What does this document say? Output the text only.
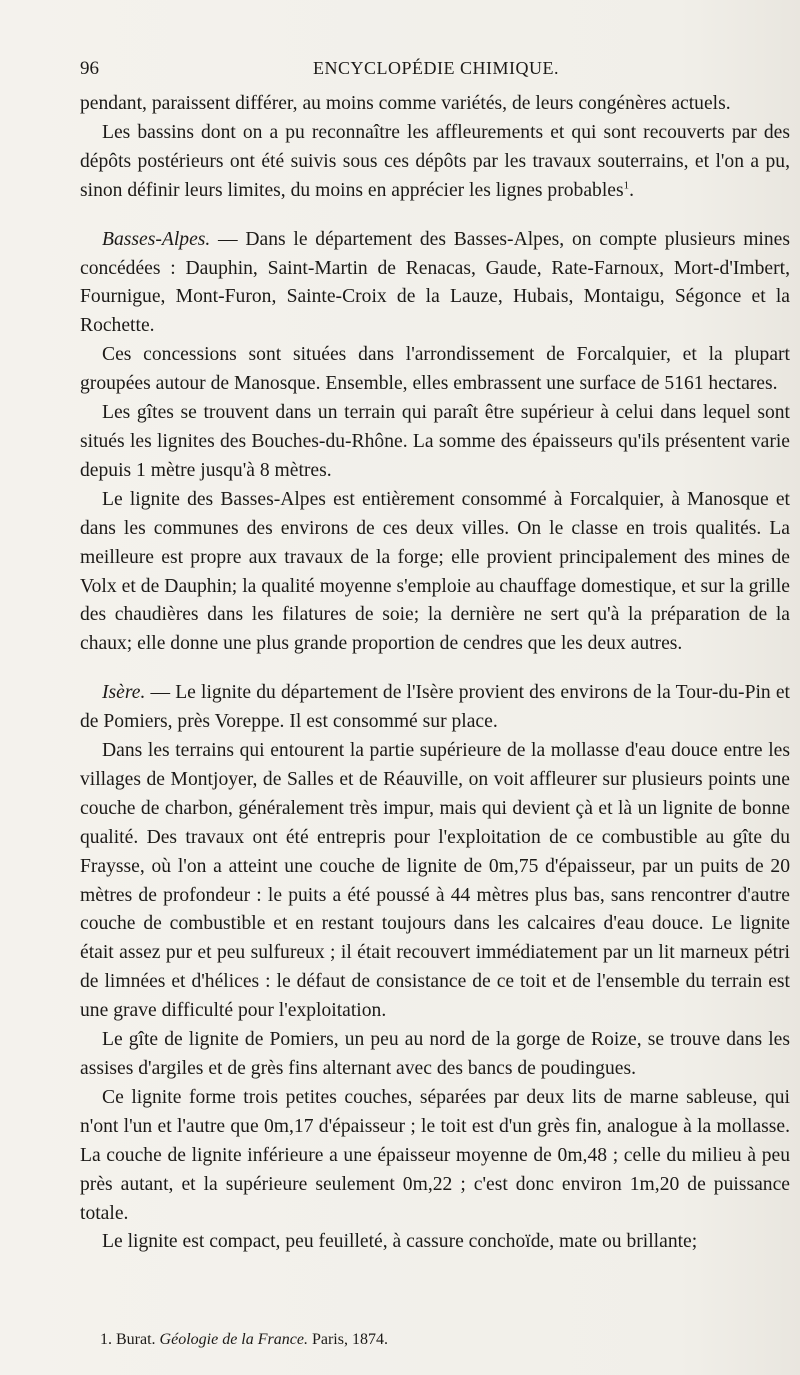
96	ENCYCLOPÉDIE CHIMIQUE.

pendant, paraissent différer, au moins comme variétés, de leurs congénères actuels.

Les bassins dont on a pu reconnaître les affleurements et qui sont recouverts par des dépôts postérieurs ont été suivis sous ces dépôts par les travaux souterrains, et l'on a pu, sinon définir leurs limites, du moins en apprécier les lignes probables$^1$.

Basses-Alpes. — Dans le département des Basses-Alpes, on compte plusieurs mines concédées : Dauphin, Saint-Martin de Renacas, Gaude, Rate-Farnoux, Mort-d'Imbert, Fournigue, Mont-Furon, Sainte-Croix de la Lauze, Hubais, Montaigu, Ségonce et la Rochette.

Ces concessions sont situées dans l'arrondissement de Forcalquier, et la plupart groupées autour de Manosque. Ensemble, elles embrassent une surface de 5161 hectares.

Les gîtes se trouvent dans un terrain qui paraît être supérieur à celui dans lequel sont situés les lignites des Bouches-du-Rhône. La somme des épaisseurs qu'ils présentent varie depuis 1 mètre jusqu'à 8 mètres.

Le lignite des Basses-Alpes est entièrement consommé à Forcalquier, à Manosque et dans les communes des environs de ces deux villes. On le classe en trois qualités. La meilleure est propre aux travaux de la forge; elle provient principalement des mines de Volx et de Dauphin; la qualité moyenne s'emploie au chauffage domestique, et sur la grille des chaudières dans les filatures de soie; la dernière ne sert qu'à la préparation de la chaux; elle donne une plus grande proportion de cendres que les deux autres.

Isère. — Le lignite du département de l'Isère provient des environs de la Tour-du-Pin et de Pomiers, près Voreppe. Il est consommé sur place.

Dans les terrains qui entourent la partie supérieure de la mollasse d'eau douce entre les villages de Montjoyer, de Salles et de Réauville, on voit affleurer sur plusieurs points une couche de charbon, généralement très impur, mais qui devient çà et là un lignite de bonne qualité. Des travaux ont été entrepris pour l'exploitation de ce combustible au gîte du Fraysse, où l'on a atteint une couche de lignite de 0m,75 d'épaisseur, par un puits de 20 mètres de profondeur : le puits a été poussé à 44 mètres plus bas, sans rencontrer d'autre couche de combustible et en restant toujours dans les calcaires d'eau douce. Le lignite était assez pur et peu sulfureux ; il était recouvert immédiatement par un lit marneux pétri de limnées et d'hélices : le défaut de consistance de ce toit et de l'ensemble du terrain est une grave difficulté pour l'exploitation.

Le gîte de lignite de Pomiers, un peu au nord de la gorge de Roize, se trouve dans les assises d'argiles et de grès fins alternant avec des bancs de poudingues.

Ce lignite forme trois petites couches, séparées par deux lits de marne sableuse, qui n'ont l'un et l'autre que 0m,17 d'épaisseur ; le toit est d'un grès fin, analogue à la mollasse. La couche de lignite inférieure a une épaisseur moyenne de 0m,48 ; celle du milieu à peu près autant, et la supérieure seulement 0m,22 ; c'est donc environ 1m,20 de puissance totale.

Le lignite est compact, peu feuilleté, à cassure conchoïde, mate ou brillante;

1. Burat. Géologie de la France. Paris, 1874.
